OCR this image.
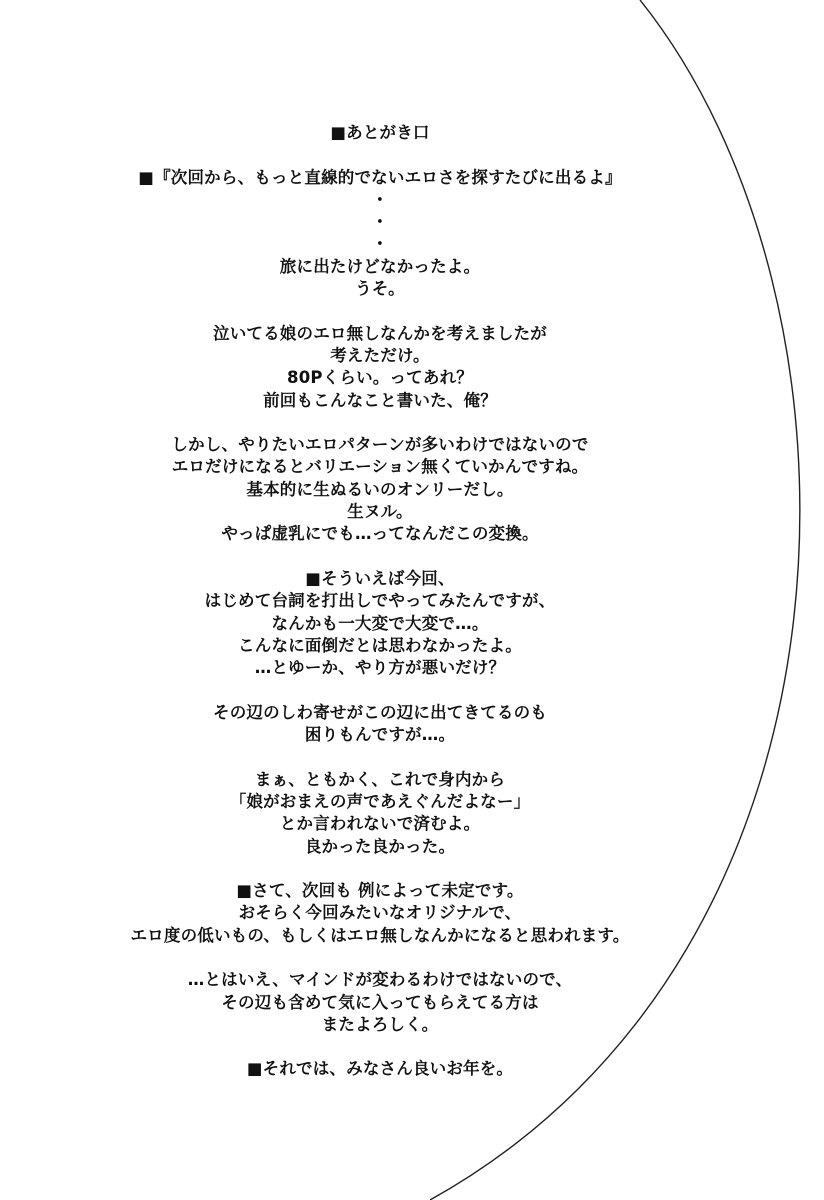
■あとがき口
■『次回から、もっと直線的でないエロさを探すたびに出るよ』
・
・
・
旅に出たけどなかったよ。
うそ。
泣いてる娘のエロ無しなんかを考えましたが
考えただけ。
80Pくらい。ってあれ？
前回もこんなこと書いた、俺？
しかし、やりたいエロパターンが多いわけではないので
エロだけになるとバリエーション無くていかんですね。
基本的に生ぬるいのオンリーだし。
生ヌル。
やっぱ虚乳にでも…ってなんだこの変換。
■そういえば今回、
はじめて台詞を打出しでやってみたんですが、
なんかも一大変で大変で…。
こんなに面倒だとは思わなかったよ。
…とゆーか、やり方が悪いだけ？
その辺のしわ寄せがこの辺に出てきてるのも
困りもんですが…。
まぁ、ともかく、これで身内から
「娘がおまえの声であえぐんだよなー」
とか言われないで済むよ。
良かった良かった。
■さて、次回も 例によって未定です。
おそらく今回みたいなオリジナルで、
エロ度の低いもの、もしくはエロ無しなんかになると思われます。
…とはいえ、マインドが変わるわけではないので、
その辺も含めて気に入ってもらえてる方は
またよろしく。
■それでは、みなさん良いお年を。
